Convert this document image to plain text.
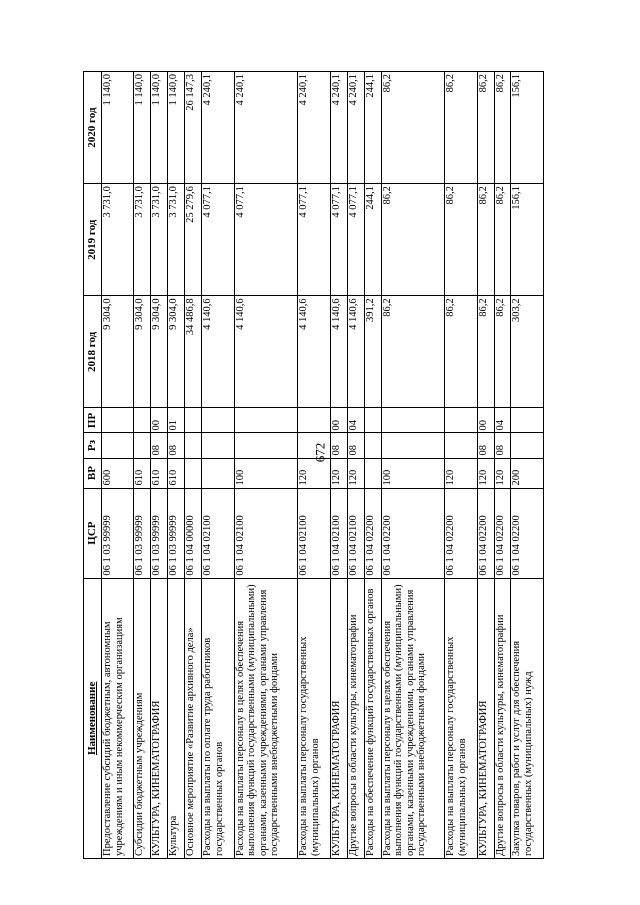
672
Наименование	ЦСР	ВР	Рз	ПР	2018 год	2019 год	2020 год
Предоставление субсидий бюджетным, автономным учреждениям и иным некоммерческим организациям	06 1 03 99999	600			9 304,0	3 731,0	1 140,0
Субсидии бюджетным учреждениям	06 1 03 99999	610			9 304,0	3 731,0	1 140,0
КУЛЬТУРА, КИНЕМАТОГРАФИЯ	06 1 03 99999	610	08	00	9 304,0	3 731,0	1 140,0
Культура	06 1 03 99999	610	08	01	9 304,0	3 731,0	1 140,0
Основное мероприятие «Развитие архивного дела»	06 1 04 00000				34 486,8	25 279,6	26 147,3
Расходы на выплаты по оплате труда работников государственных органов	06 1 04 02100				4 140,6	4 077,1	4 240,1
Расходы на выплаты персоналу в целях обеспечения выполнения функций государственными (муниципальными) органами, казенными учреждениями, органами управления государственными внебюджетными фондами	06 1 04 02100	100			4 140,6	4 077,1	4 240,1
Расходы на выплаты персоналу государственных (муниципальных) органов	06 1 04 02100	120			4 140,6	4 077,1	4 240,1
КУЛЬТУРА, КИНЕМАТОГРАФИЯ	06 1 04 02100	120	08	00	4 140,6	4 077,1	4 240,1
Другие вопросы в области культуры, кинематографии	06 1 04 02100	120	08	04	4 140,6	4 077,1	4 240,1
Расходы на обеспечение функций государственных органов	06 1 04 02200				391,2	244,1	244,1
Расходы на выплаты персоналу в целях обеспечения выполнения функций государственными (муниципальными) органами, казенными учреждениями, органами управления государственными внебюджетными фондами	06 1 04 02200	100			86,2	86,2	86,2
Расходы на выплаты персоналу государственных (муниципальных) органов	06 1 04 02200	120			86,2	86,2	86,2
КУЛЬТУРА, КИНЕМАТОГРАФИЯ	06 1 04 02200	120	08	00	86,2	86,2	86,2
Другие вопросы в области культуры, кинематографии	06 1 04 02200	120	08	04	86,2	86,2	86,2
Закупка товаров, работ и услуг для обеспечения государственных (муниципальных) нужд	06 1 04 02200	200			303,2	156,1	156,1
